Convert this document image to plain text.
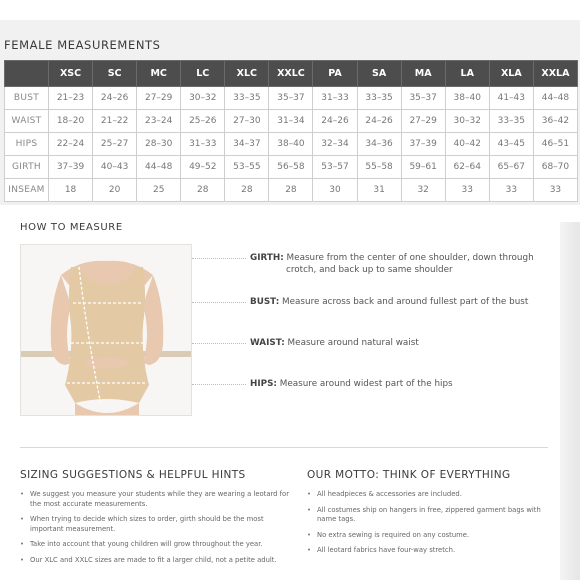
FEMALE MEASUREMENTS
	XSC	SC	MC	LC	XLC	XXLC	PA	SA	MA	LA	XLA	XXLA
BUST	21–23	24–26	27–29	30–32	33–35	35–37	31–33	33–35	35–37	38–40	41–43	44–48
WAIST	18–20	21–22	23–24	25–26	27–30	31–34	24–26	24–26	27–29	30–32	33–35	36–42
HIPS	22–24	25–27	28–30	31–33	34–37	38–40	32–34	34–36	37–39	40–42	43–45	46–51
GIRTH	37–39	40–43	44–48	49–52	53–55	56–58	53–57	55–58	59–61	62–64	65–67	68–70
INSEAM	18	20	25	28	28	28	30	31	32	33	33	33
HOW TO MEASURE
GIRTH: Measure from the center of one shoulder, down through
crotch, and back up to same shoulder
BUST: Measure across back and around fullest part of the bust
WAIST: Measure around natural waist
HIPS: Measure around widest part of the hips
SIZING SUGGESTIONS & HELPFUL HINTS
• We suggest you measure your students while they are wearing a leotard for the most accurate measurements.
• When trying to decide which sizes to order, girth should be the most important measurement.
• Take into account that young children will grow throughout the year.
• Our XLC and XXLC sizes are made to fit a larger child, not a petite adult.
OUR MOTTO: THINK OF EVERYTHING
• All headpieces & accessories are included.
• All costumes ship on hangers in free, zippered garment bags with name tags.
• No extra sewing is required on any costume.
• All leotard fabrics have four-way stretch.
